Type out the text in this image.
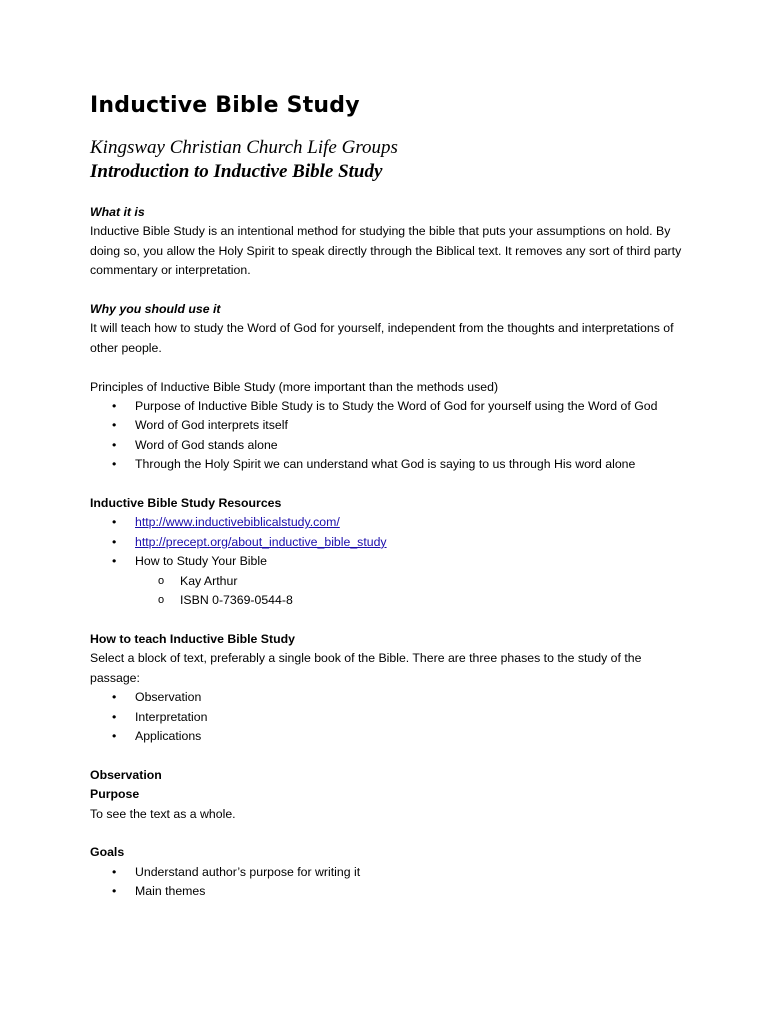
Inductive Bible Study
Kingsway Christian Church Life Groups
Introduction to Inductive Bible Study

What it is

Inductive Bible Study is an intentional method for studying the bible that puts your assumptions on hold. By doing so, you allow the Holy Spirit to speak directly through the Biblical text. It removes any sort of third party commentary or interpretation.

Why you should use it

It will teach how to study the Word of God for yourself, independent from the thoughts and interpretations of other people.

Principles of Inductive Bible Study (more important than the methods used)

• Purpose of Inductive Bible Study is to Study the Word of God for yourself using the Word of God
• Word of God interprets itself
• Word of God stands alone
• Through the Holy Spirit we can understand what God is saying to us through His word alone

Inductive Bible Study Resources

• http://www.inductivebiblicalstudy.com/
• http://precept.org/about_inductive_bible_study
• How to Study Your Bible
o Kay Arthur
o ISBN 0-7369-0544-8

How to teach Inductive Bible Study

Select a block of text, preferably a single book of the Bible. There are three phases to the study of the passage:

• Observation
• Interpretation
• Applications

Observation

Purpose

To see the text as a whole.

Goals

• Understand author’s purpose for writing it
• Main themes
